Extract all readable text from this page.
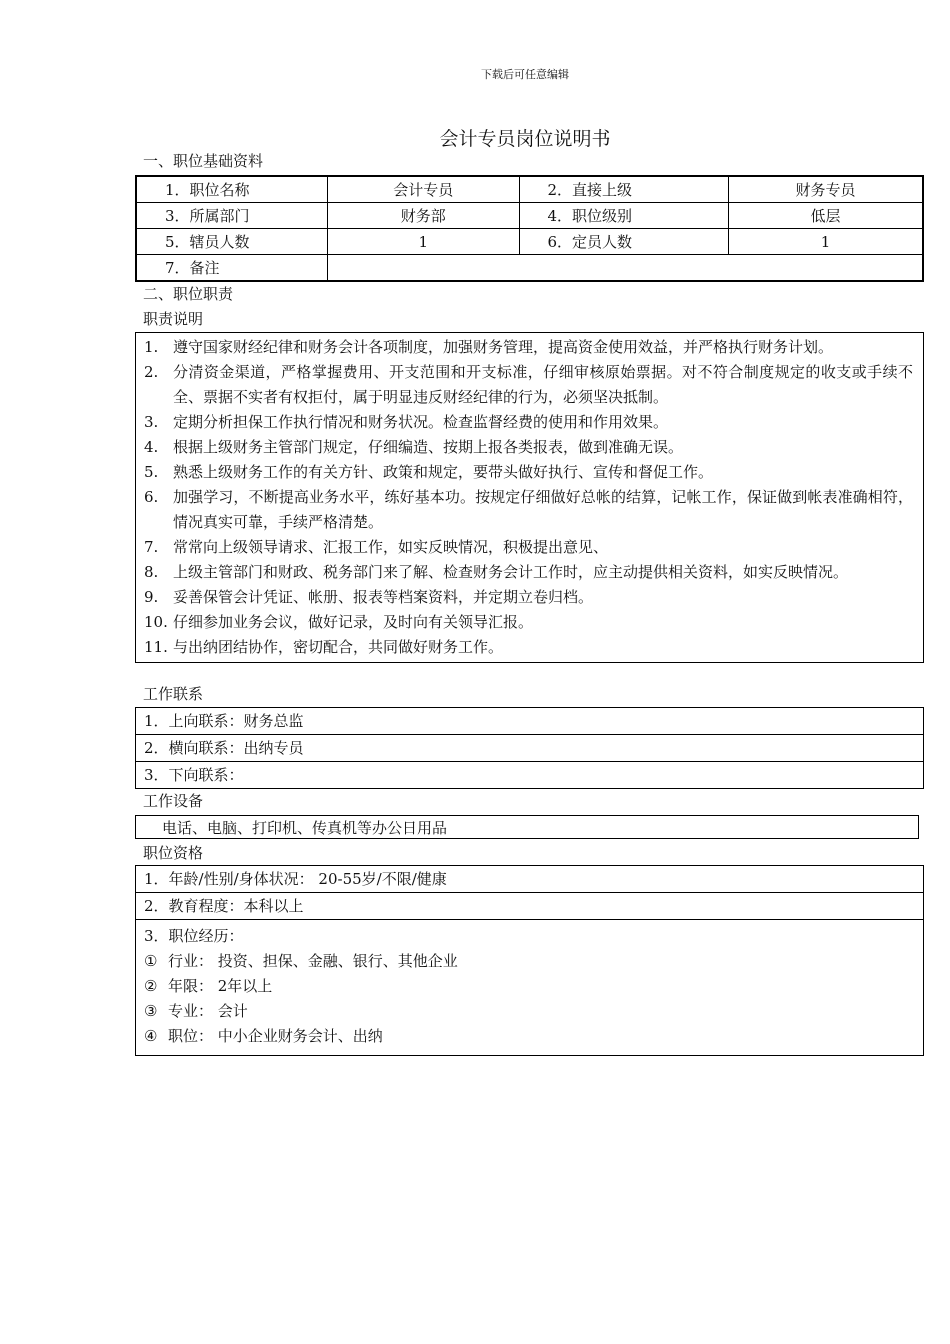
下载后可任意编辑
会计专员岗位说明书
一、职位基础资料
1．职位名称	会计专员	2．直接上级	财务专员
3．所属部门	财务部	4．职位级别	低层
5．辖员人数	1	6．定员人数	1
7．备注			
二、职位职责
职责说明
1. 遵守国家财经纪律和财务会计各项制度，加强财务管理，提高资金使用效益，并严格执行财务计划。
2. 分清资金渠道，严格掌握费用、开支范围和开支标准，仔细审核原始票据。对不符合制度规定的收支或手续不全、票据不实者有权拒付，属于明显违反财经纪律的行为，必须坚决抵制。
3. 定期分析担保工作执行情况和财务状况。检查监督经费的使用和作用效果。
4. 根据上级财务主管部门规定，仔细编造、按期上报各类报表，做到准确无误。
5. 熟悉上级财务工作的有关方针、政策和规定，要带头做好执行、宣传和督促工作。
6. 加强学习，不断提高业务水平，练好基本功。按规定仔细做好总帐的结算，记帐工作，保证做到帐表准确相符，情况真实可靠，手续严格清楚。
7. 常常向上级领导请求、汇报工作，如实反映情况，积极提出意见、
8. 上级主管部门和财政、税务部门来了解、检查财务会计工作时，应主动提供相关资料，如实反映情况。
9. 妥善保管会计凭证、帐册、报表等档案资料，并定期立卷归档。
10. 仔细参加业务会议，做好记录，及时向有关领导汇报。
11. 与出纳团结协作，密切配合，共同做好财务工作。
工作联系
1．上向联系：财务总监
2．横向联系：出纳专员
3．下向联系：
工作设备
电话、电脑、打印机、传真机等办公日用品
职位资格
1．年龄/性别/身体状况： 20-55岁/不限/健康
2．教育程度：本科以上
3．职位经历：
① 行业： 投资、担保、金融、银行、其他企业
② 年限： 2年以上
③ 专业： 会计
④ 职位： 中小企业财务会计、出纳
